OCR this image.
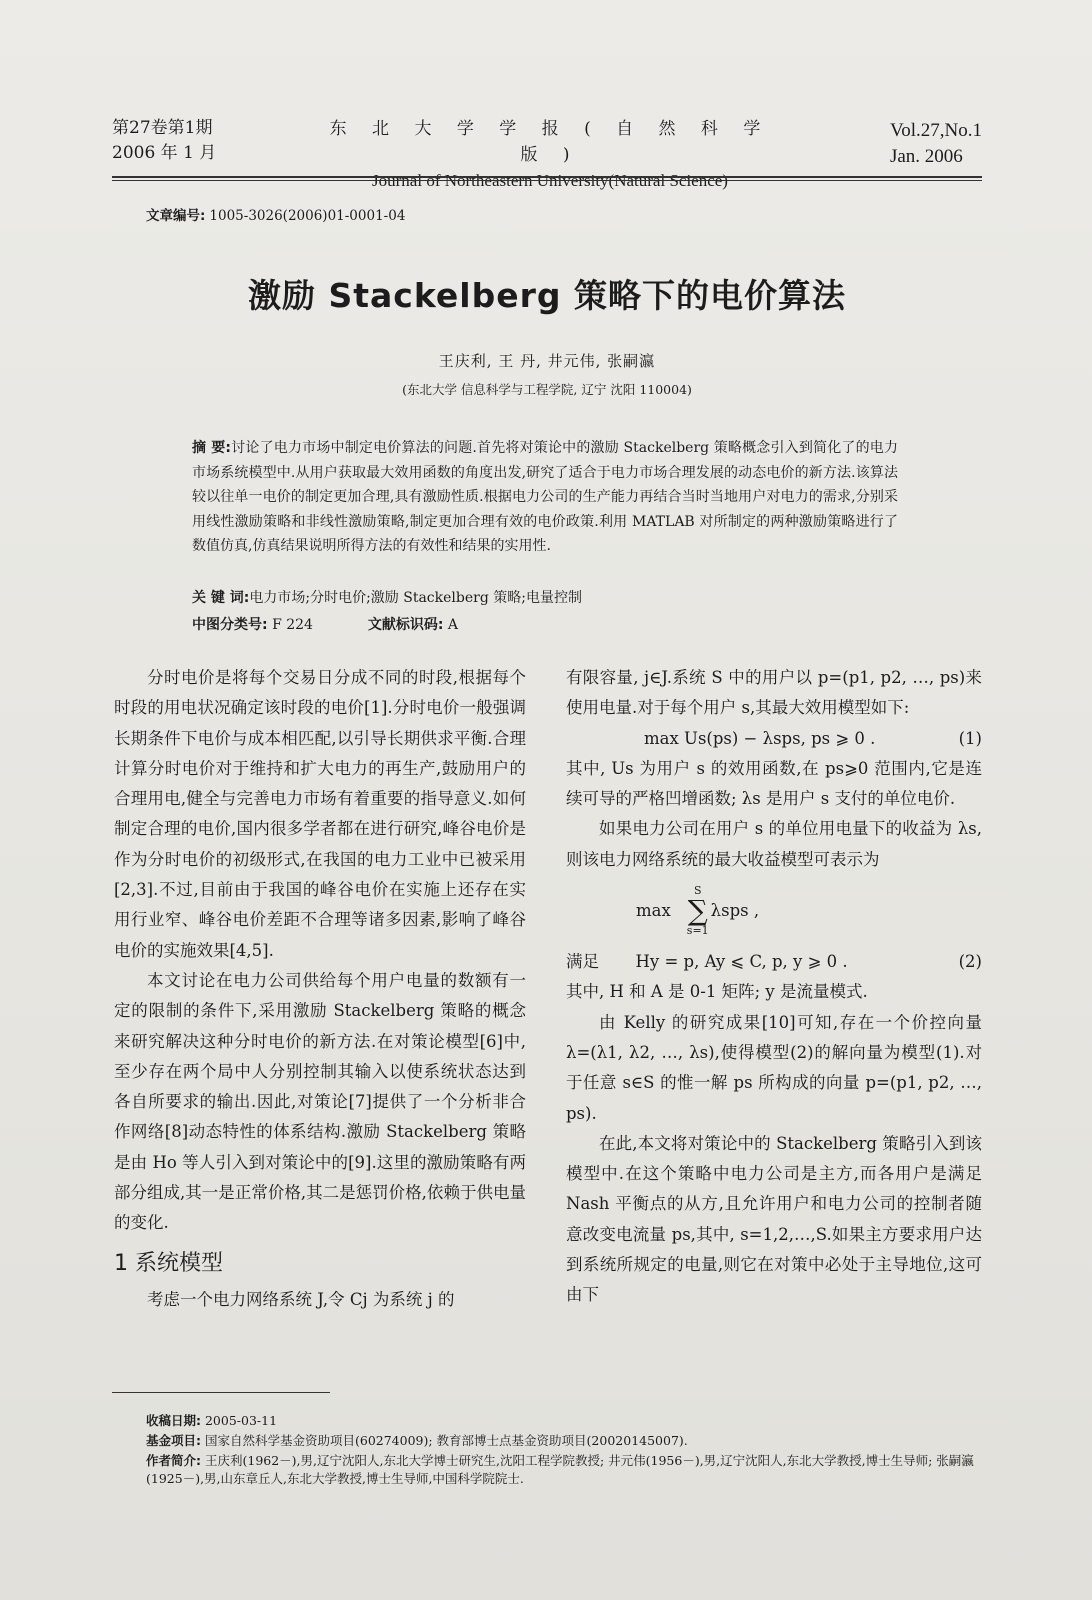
第27卷第1期
2006 年 1 月
东 北 大 学 学 报 ( 自 然 科 学 版 )
Journal of Northeastern University(Natural Science)
Vol.27,No.1
Jan. 2006
文章编号: 1005-3026(2006)01-0001-04
激励 Stackelberg 策略下的电价算法
王庆利, 王 丹, 井元伟, 张嗣瀛
(东北大学 信息科学与工程学院, 辽宁 沈阳 110004)
摘 要:讨论了电力市场中制定电价算法的问题.首先将对策论中的激励 Stackelberg 策略概念引入到简化了的电力市场系统模型中.从用户获取最大效用函数的角度出发,研究了适合于电力市场合理发展的动态电价的新方法.该算法较以往单一电价的制定更加合理,具有激励性质.根据电力公司的生产能力再结合当时当地用户对电力的需求,分别采用线性激励策略和非线性激励策略,制定更加合理有效的电价政策.利用 MATLAB 对所制定的两种激励策略进行了数值仿真,仿真结果说明所得方法的有效性和结果的实用性.
关 键 词:电力市场;分时电价;激励 Stackelberg 策略;电量控制
中图分类号: F 224	文献标识码: A

分时电价是将每个交易日分成不同的时段,根据每个时段的用电状况确定该时段的电价[1].分时电价一般强调长期条件下电价与成本相匹配,以引导长期供求平衡.合理计算分时电价对于维持和扩大电力的再生产,鼓励用户的合理用电,健全与完善电力市场有着重要的指导意义.如何制定合理的电价,国内很多学者都在进行研究,峰谷电价是作为分时电价的初级形式,在我国的电力工业中已被采用[2,3].不过,目前由于我国的峰谷电价在实施上还存在实用行业窄、峰谷电价差距不合理等诸多因素,影响了峰谷电价的实施效果[4,5].

本文讨论在电力公司供给每个用户电量的数额有一定的限制的条件下,采用激励 Stackelberg 策略的概念来研究解决这种分时电价的新方法.在对策论模型[6]中,至少存在两个局中人分别控制其输入以使系统状态达到各自所要求的输出.因此,对策论[7]提供了一个分析非合作网络[8]动态特性的体系结构.激励 Stackelberg 策略是由 Ho 等人引入到对策论中的[9].这里的激励策略有两部分组成,其一是正常价格,其二是惩罚价格,依赖于供电量的变化.

1 系统模型

考虑一个电力网络系统 J,令 Cj 为系统 j 的

有限容量, j∈J.系统 S 中的用户以 p=(p1, p2, …, ps)来使用电量.对于每个用户 s,其最大效用模型如下:

max Us(ps) − λsps, ps ⩾ 0 .	(1)

其中, Us 为用户 s 的效用函数,在 ps⩾0 范围内,它是连续可导的严格凹增函数; λs 是用户 s 支付的单位电价.

如果电力公司在用户 s 的单位用电量下的收益为 λs,则该电力网络系统的最大收益模型可表示为

max
S
∑
s=1
λsps ,
满足 Hy = p, Ay ⩽ C, p, y ⩾ 0 .	(2)

其中, H 和 A 是 0-1 矩阵; y 是流量模式.

由 Kelly 的研究成果[10]可知,存在一个价控向量 λ=(λ1, λ2, …, λs),使得模型(2)的解向量为模型(1).对于任意 s∈S 的惟一解 ps 所构成的向量 p=(p1, p2, …, ps).

在此,本文将对策论中的 Stackelberg 策略引入到该模型中.在这个策略中电力公司是主方,而各用户是满足 Nash 平衡点的从方,且允许用户和电力公司的控制者随意改变电流量 ps,其中, s=1,2,…,S.如果主方要求用户达到系统所规定的电量,则它在对策中必处于主导地位,这可由下

收稿日期: 2005-03-11
基金项目: 国家自然科学基金资助项目(60274009); 教育部博士点基金资助项目(20020145007).
作者简介: 王庆利(1962－),男,辽宁沈阳人,东北大学博士研究生,沈阳工程学院教授; 井元伟(1956－),男,辽宁沈阳人,东北大学教授,博士生导师; 张嗣瀛(1925－),男,山东章丘人,东北大学教授,博士生导师,中国科学院院士.
